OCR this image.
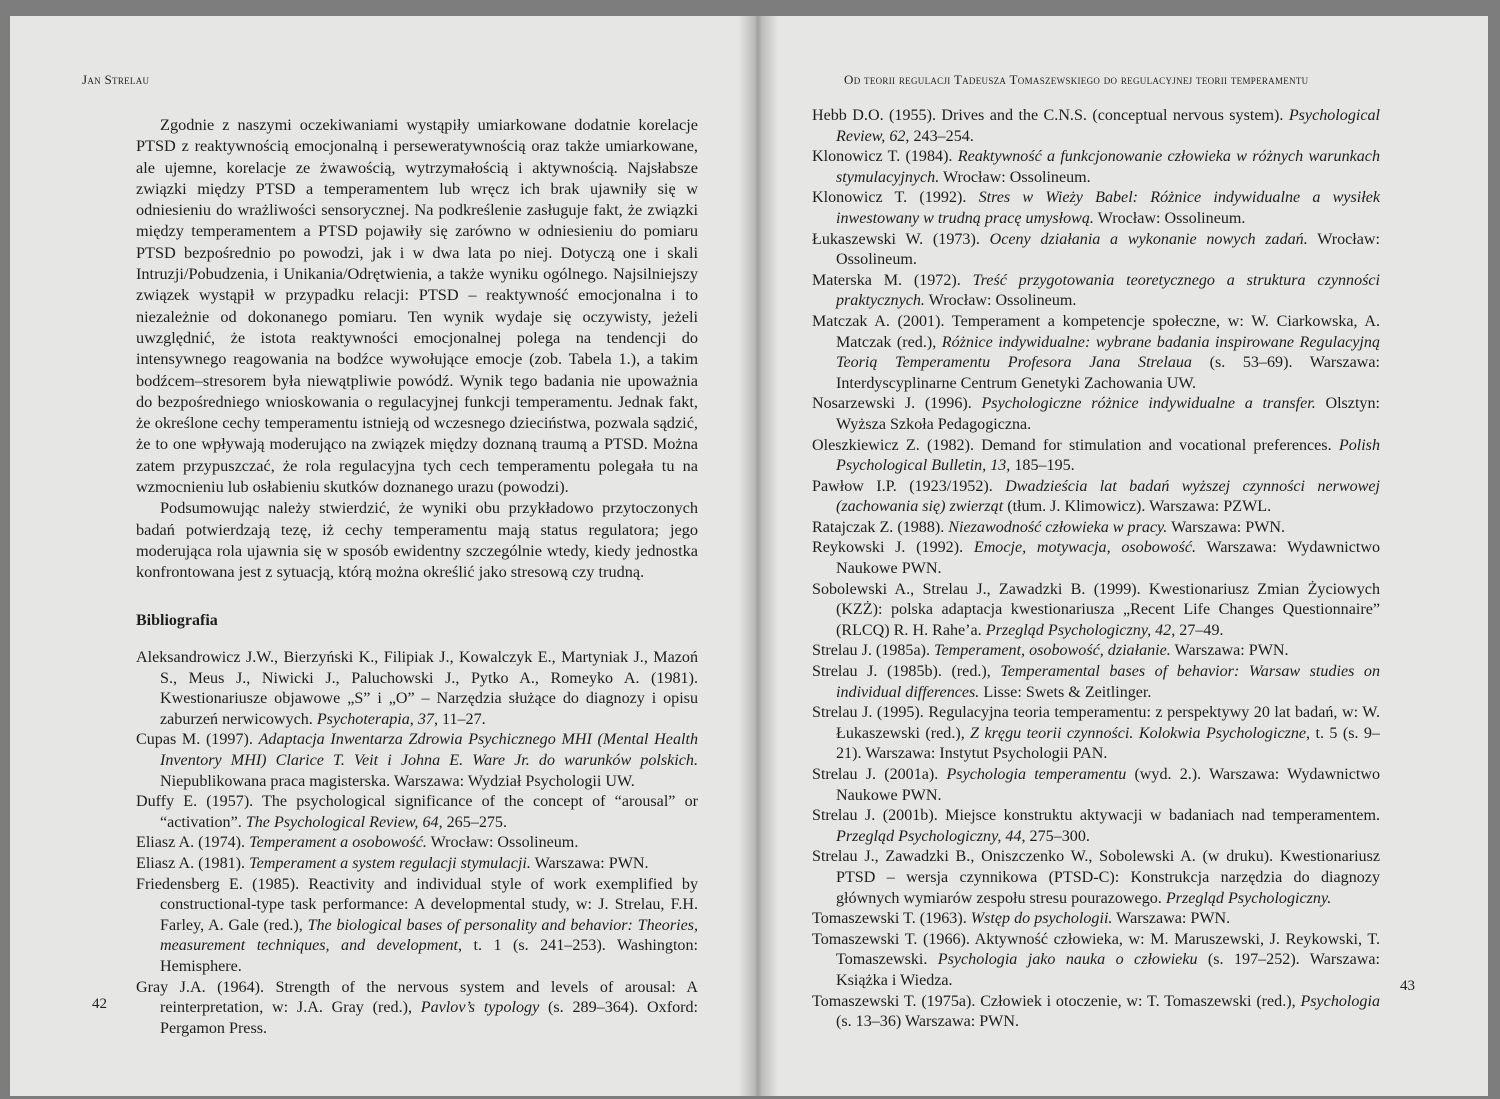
Jan Strelau

Zgodnie z naszymi oczekiwaniami wystąpiły umiarkowane dodatnie korelacje PTSD z reaktywnością emocjonalną i perseweratywnością oraz także umiarkowane, ale ujemne, korelacje ze żwawością, wytrzymałością i aktywnością. Najsłabsze związki między PTSD a temperamentem lub wręcz ich brak ujawniły się w odniesieniu do wrażliwości sensorycznej. Na podkreślenie zasługuje fakt, że związki między temperamentem a PTSD pojawiły się zarówno w odniesieniu do pomiaru PTSD bezpośrednio po powodzi, jak i w dwa lata po niej. Dotyczą one i skali Intruzji/Pobudzenia, i Unikania/Odrętwienia, a także wyniku ogólnego. Najsilniejszy związek wystąpił w przypadku relacji: PTSD – reaktywność emocjonalna i to niezależnie od dokonanego pomiaru. Ten wynik wydaje się oczywisty, jeżeli uwzględnić, że istota reaktywności emocjonalnej polega na tendencji do intensywnego reagowania na bodźce wywołujące emocje (zob. Tabela 1.), a takim bodźcem–stresorem była niewątpliwie powódź. Wynik tego badania nie upoważnia do bezpośredniego wnioskowania o regulacyjnej funkcji temperamentu. Jednak fakt, że określone cechy temperamentu istnieją od wczesnego dzieciństwa, pozwala sądzić, że to one wpływają moderująco na związek między doznaną traumą a PTSD. Można zatem przypuszczać, że rola regulacyjna tych cech temperamentu polegała tu na wzmocnieniu lub osłabieniu skutków doznanego urazu (powodzi).

Podsumowując należy stwierdzić, że wyniki obu przykładowo przytoczonych badań potwierdzają tezę, iż cechy temperamentu mają status regulatora; jego moderująca rola ujawnia się w sposób ewidentny szczególnie wtedy, kiedy jednostka konfrontowana jest z sytuacją, którą można określić jako stresową czy trudną.

Bibliografia
Aleksandrowicz J.W., Bierzyński K., Filipiak J., Kowalczyk E., Martyniak J., Mazoń S., Meus J., Niwicki J., Paluchowski J., Pytko A., Romeyko A. (1981). Kwestionariusze objawowe „S” i „O” – Narzędzia służące do diagnozy i opisu zaburzeń nerwicowych. Psychoterapia, 37, 11–27.
Cupas M. (1997). Adaptacja Inwentarza Zdrowia Psychicznego MHI (Mental Health Inventory MHI) Clarice T. Veit i Johna E. Ware Jr. do warunków polskich. Niepublikowana praca magisterska. Warszawa: Wydział Psychologii UW.
Duffy E. (1957). The psychological significance of the concept of “arousal” or “activation”. The Psychological Review, 64, 265–275.
Eliasz A. (1974). Temperament a osobowość. Wrocław: Ossolineum.
Eliasz A. (1981). Temperament a system regulacji stymulacji. Warszawa: PWN.
Friedensberg E. (1985). Reactivity and individual style of work exemplified by constructional-type task performance: A developmental study, w: J. Strelau, F.H. Farley, A. Gale (red.), The biological bases of personality and behavior: Theories, measurement techniques, and development, t. 1 (s. 241–253). Washington: Hemisphere.
Gray J.A. (1964). Strength of the nervous system and levels of arousal: A reinterpretation, w: J.A. Gray (red.), Pavlov’s typology (s. 289–364). Oxford: Pergamon Press.
42
Od teorii regulacji Tadeusza Tomaszewskiego do regulacyjnej teorii temperamentu
Hebb D.O. (1955). Drives and the C.N.S. (conceptual nervous system). Psychological Review, 62, 243–254.
Klonowicz T. (1984). Reaktywność a funkcjonowanie człowieka w różnych warunkach stymulacyjnych. Wrocław: Ossolineum.
Klonowicz T. (1992). Stres w Wieży Babel: Różnice indywidualne a wysiłek inwestowany w trudną pracę umysłową. Wrocław: Ossolineum.
Łukaszewski W. (1973). Oceny działania a wykonanie nowych zadań. Wrocław: Ossolineum.
Materska M. (1972). Treść przygotowania teoretycznego a struktura czynności praktycznych. Wrocław: Ossolineum.
Matczak A. (2001). Temperament a kompetencje społeczne, w: W. Ciarkowska, A. Matczak (red.), Różnice indywidualne: wybrane badania inspirowane Regulacyjną Teorią Temperamentu Profesora Jana Strelaua (s. 53–69). Warszawa: Interdyscyplinarne Centrum Genetyki Zachowania UW.
Nosarzewski J. (1996). Psychologiczne różnice indywidualne a transfer. Olsztyn: Wyższa Szkoła Pedagogiczna.
Oleszkiewicz Z. (1982). Demand for stimulation and vocational preferences. Polish Psychological Bulletin, 13, 185–195.
Pawłow I.P. (1923/1952). Dwadzieścia lat badań wyższej czynności nerwowej (zachowania się) zwierząt (tłum. J. Klimowicz). Warszawa: PZWL.
Ratajczak Z. (1988). Niezawodność człowieka w pracy. Warszawa: PWN.
Reykowski J. (1992). Emocje, motywacja, osobowość. Warszawa: Wydawnictwo Naukowe PWN.
Sobolewski A., Strelau J., Zawadzki B. (1999). Kwestionariusz Zmian Życiowych (KZŻ): polska adaptacja kwestionariusza „Recent Life Changes Questionnaire” (RLCQ) R. H. Rahe’a. Przegląd Psychologiczny, 42, 27–49.
Strelau J. (1985a). Temperament, osobowość, działanie. Warszawa: PWN.
Strelau J. (1985b). (red.), Temperamental bases of behavior: Warsaw studies on individual differences. Lisse: Swets & Zeitlinger.
Strelau J. (1995). Regulacyjna teoria temperamentu: z perspektywy 20 lat badań, w: W. Łukaszewski (red.), Z kręgu teorii czynności. Kolokwia Psychologiczne, t. 5 (s. 9–21). Warszawa: Instytut Psychologii PAN.
Strelau J. (2001a). Psychologia temperamentu (wyd. 2.). Warszawa: Wydawnictwo Naukowe PWN.
Strelau J. (2001b). Miejsce konstruktu aktywacji w badaniach nad temperamentem. Przegląd Psychologiczny, 44, 275–300.
Strelau J., Zawadzki B., Oniszczenko W., Sobolewski A. (w druku). Kwestionariusz PTSD – wersja czynnikowa (PTSD-C): Konstrukcja narzędzia do diagnozy głównych wymiarów zespołu stresu pourazowego. Przegląd Psychologiczny.
Tomaszewski T. (1963). Wstęp do psychologii. Warszawa: PWN.
Tomaszewski T. (1966). Aktywność człowieka, w: M. Maruszewski, J. Reykowski, T. Tomaszewski. Psychologia jako nauka o człowieku (s. 197–252). Warszawa: Książka i Wiedza.
Tomaszewski T. (1975a). Człowiek i otoczenie, w: T. Tomaszewski (red.), Psychologia (s. 13–36) Warszawa: PWN.
43
